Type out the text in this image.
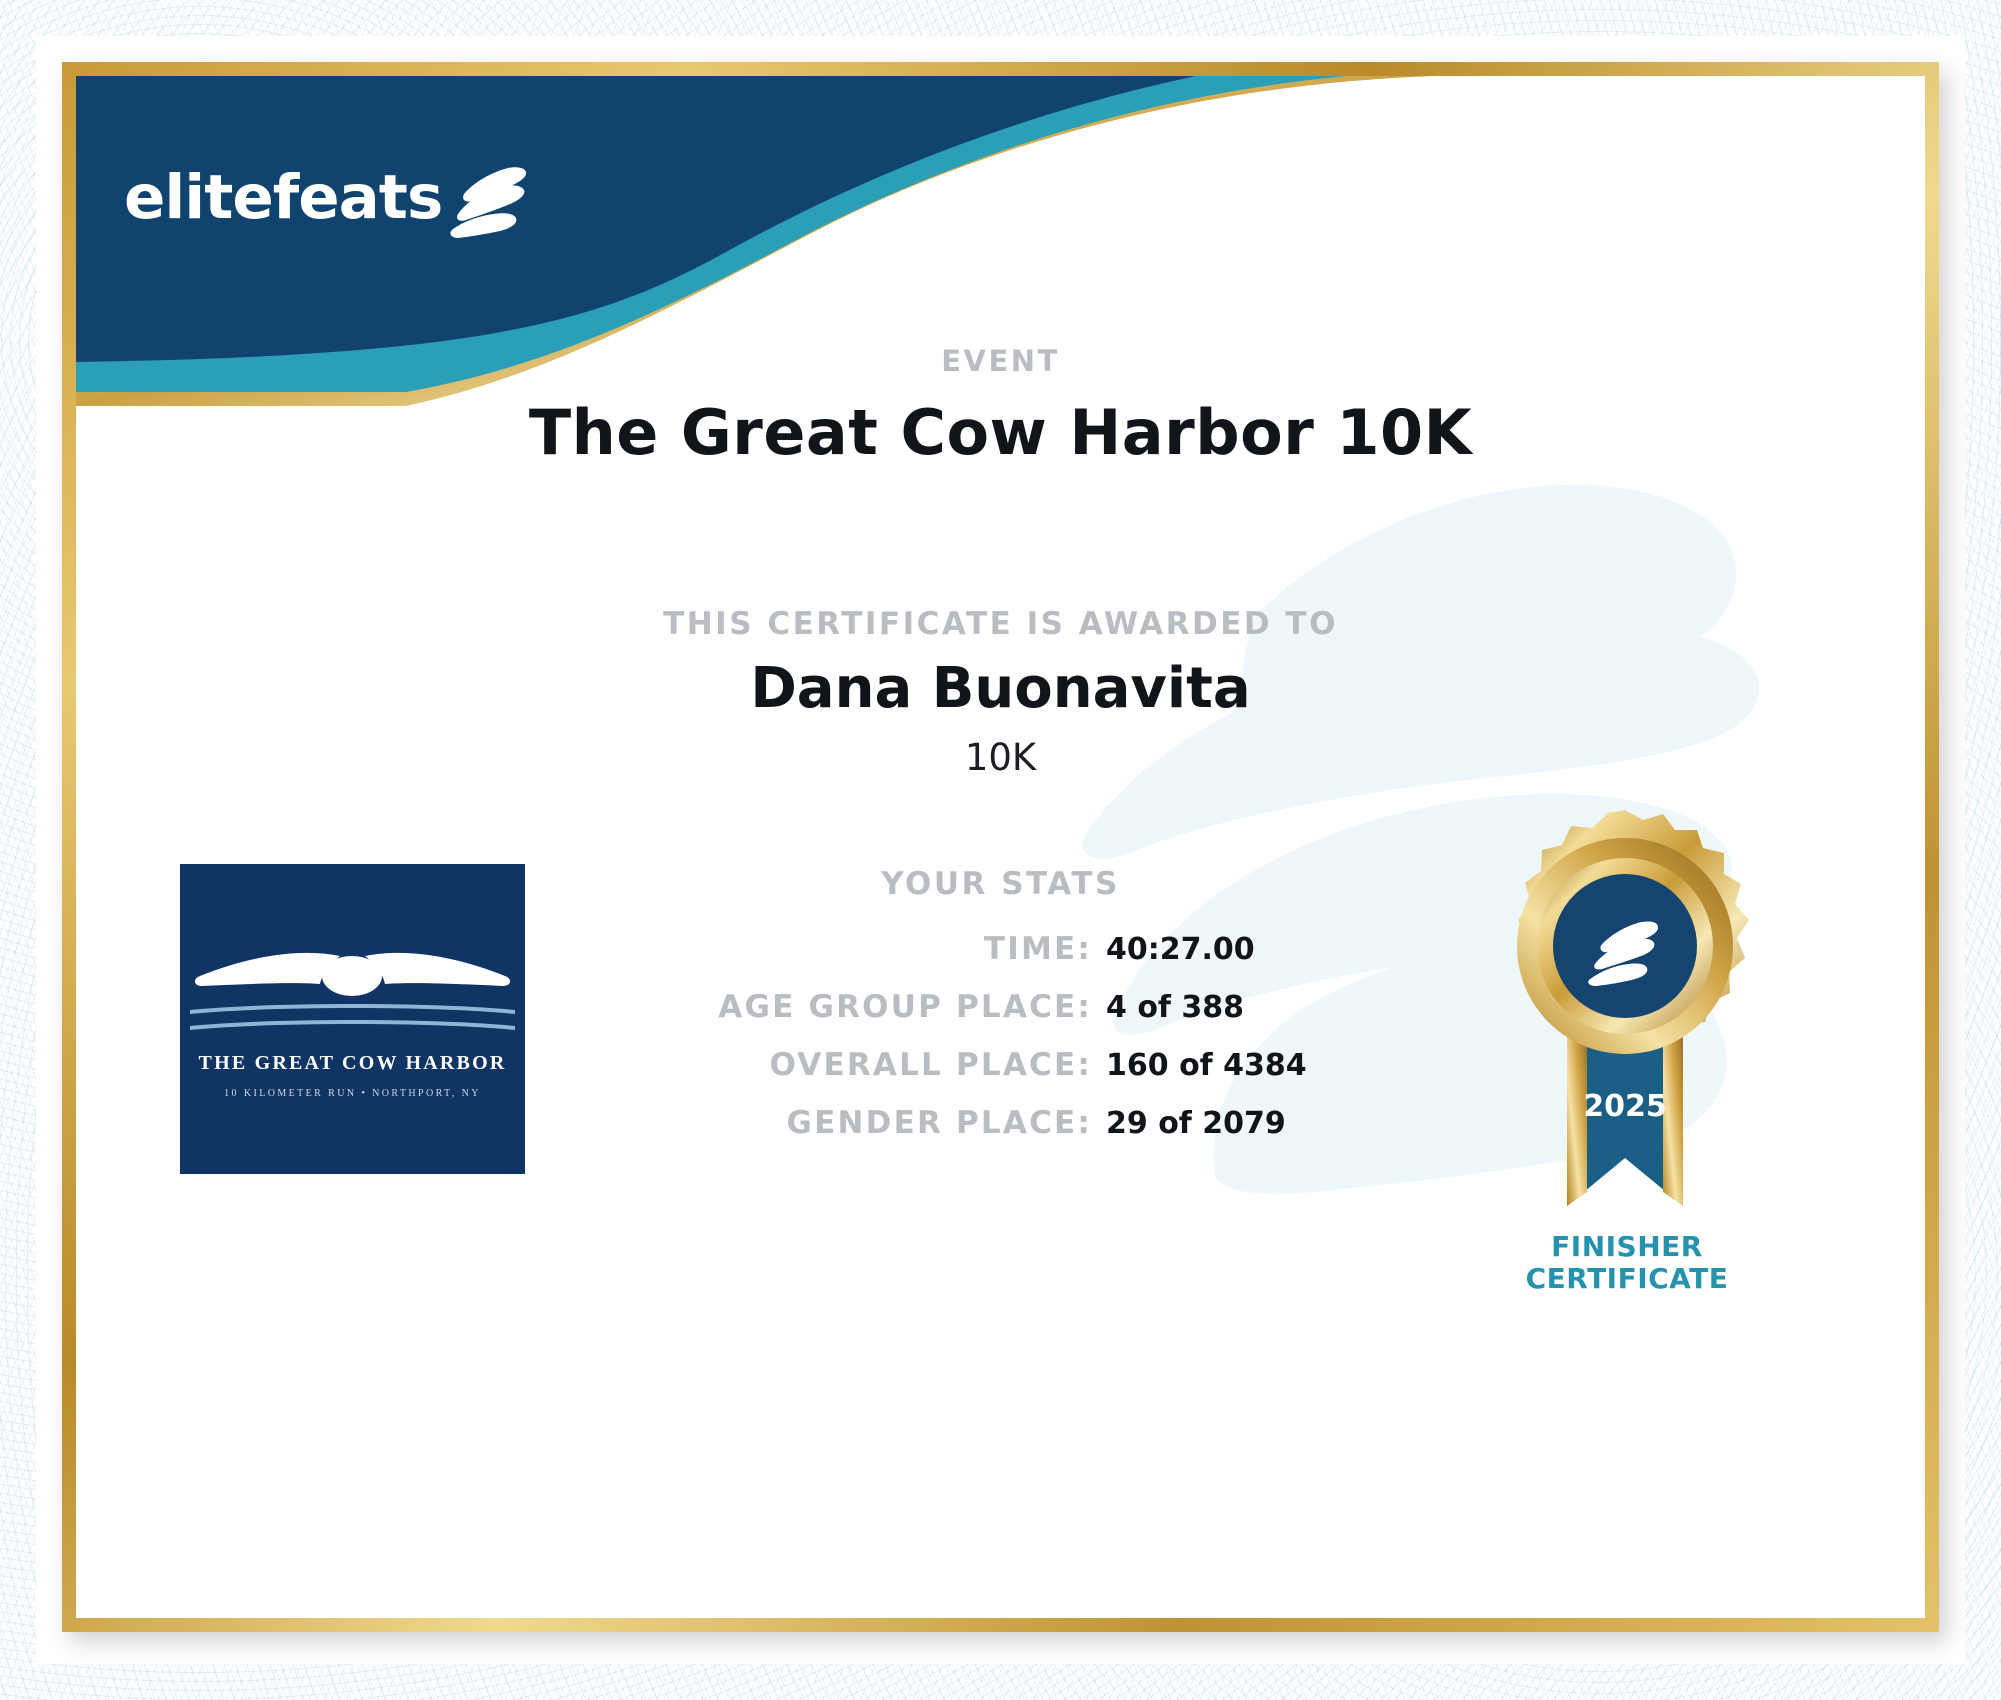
elitefeats
EVENT
The Great Cow Harbor 10K
THIS CERTIFICATE IS AWARDED TO
Dana Buonavita
10K
YOUR STATS
TIME: 40:27.00
AGE GROUP PLACE: 4 of 388
OVERALL PLACE: 160 of 4384
GENDER PLACE: 29 of 2079
THE GREAT COW HARBOR
10 KILOMETER RUN • NORTHPORT, NY	2025
FINISHER
CERTIFICATE
